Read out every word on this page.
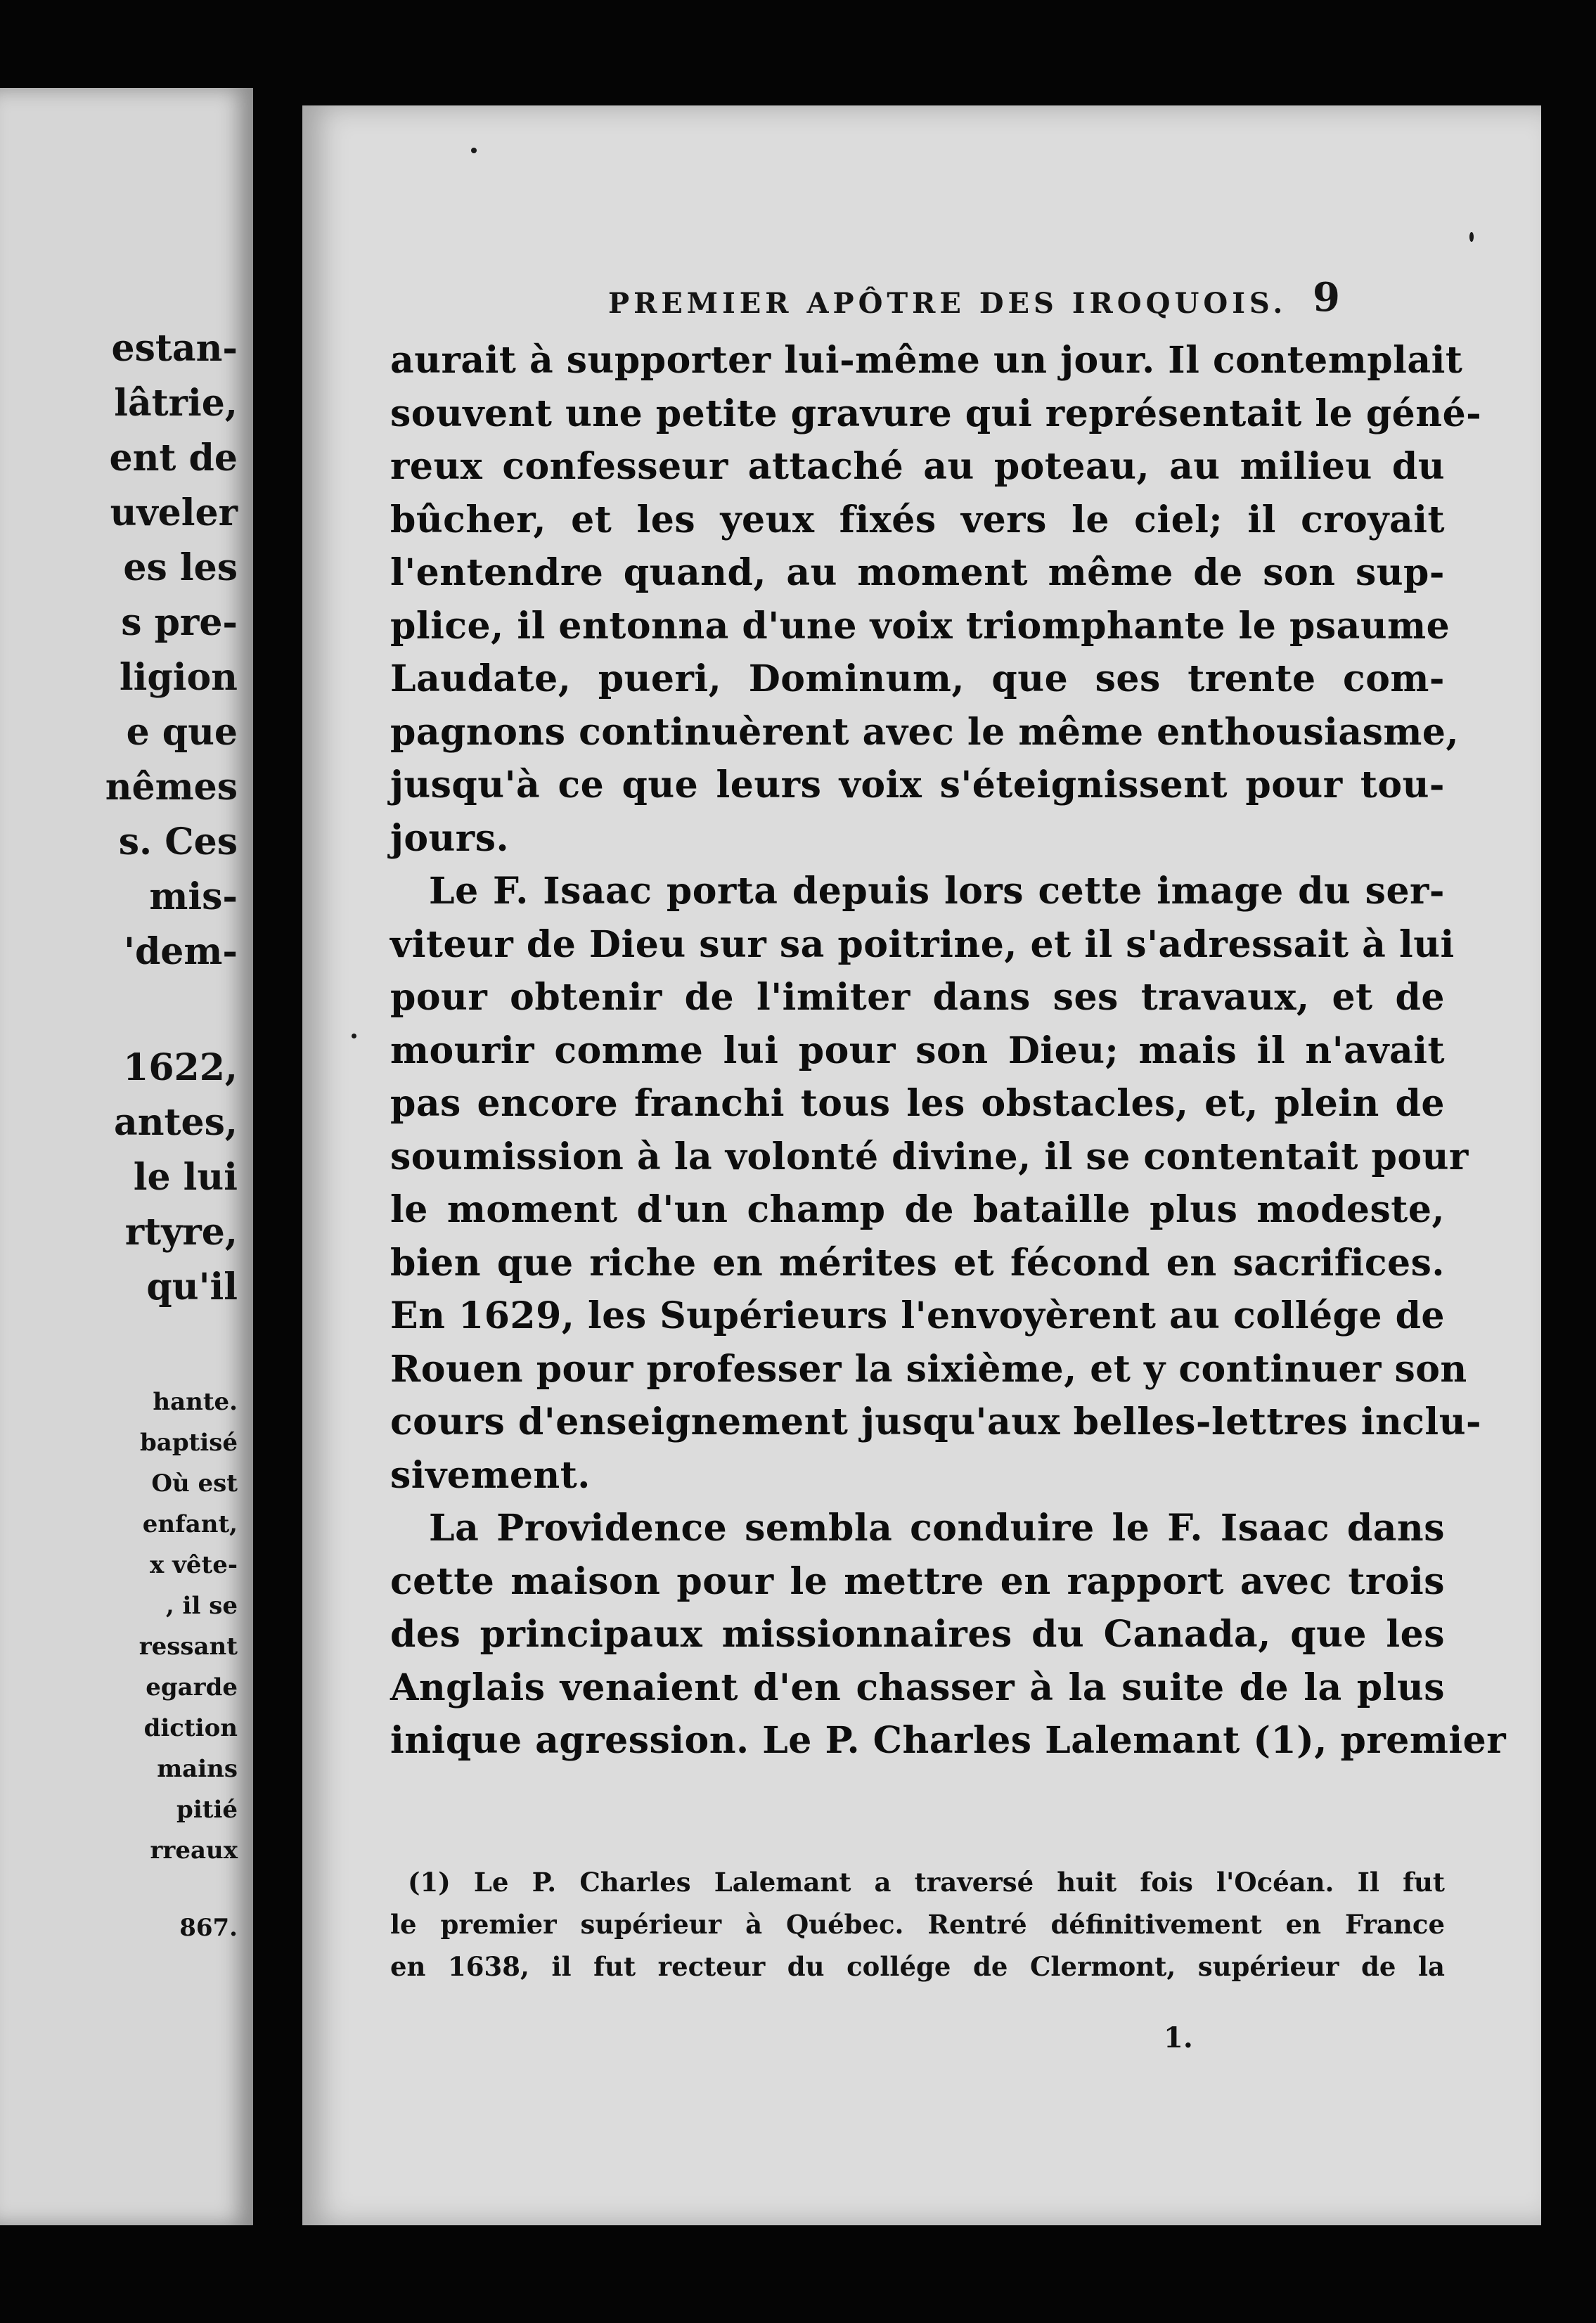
estan-
lâtrie,
ent de
uveler
es les
s pre-
ligion
e que
nêmes
s. Ces
mis-
'dem-
1622,
antes,
le lui
rtyre,
qu'il
hante.
baptisé
Où est
enfant,
x vête-
, il se
ressant
egarde
diction
mains
pitié
rreaux
867.
PREMIER APÔTRE DES IROQUOIS. 9
aurait à supporter lui-même un jour. Il contemplait
souvent une petite gravure qui représentait le géné-
reux confesseur attaché au poteau, au milieu du
bûcher, et les yeux fixés vers le ciel; il croyait
l'entendre quand, au moment même de son sup-
plice, il entonna d'une voix triomphante le psaume
Laudate, pueri, Dominum, que ses trente com-
pagnons continuèrent avec le même enthousiasme,
jusqu'à ce que leurs voix s'éteignissent pour tou-
jours.
Le F. Isaac porta depuis lors cette image du ser-
viteur de Dieu sur sa poitrine, et il s'adressait à lui
pour obtenir de l'imiter dans ses travaux, et de
mourir comme lui pour son Dieu; mais il n'avait
pas encore franchi tous les obstacles, et, plein de
soumission à la volonté divine, il se contentait pour
le moment d'un champ de bataille plus modeste,
bien que riche en mérites et fécond en sacrifices.
En 1629, les Supérieurs l'envoyèrent au collége de
Rouen pour professer la sixième, et y continuer son
cours d'enseignement jusqu'aux belles-lettres inclu-
sivement.
La Providence sembla conduire le F. Isaac dans
cette maison pour le mettre en rapport avec trois
des principaux missionnaires du Canada, que les
Anglais venaient d'en chasser à la suite de la plus
inique agression. Le P. Charles Lalemant (1), premier
(1) Le P. Charles Lalemant a traversé huit fois l'Océan. Il fut
le premier supérieur à Québec. Rentré définitivement en France
en 1638, il fut recteur du collége de Clermont, supérieur de la
1.
